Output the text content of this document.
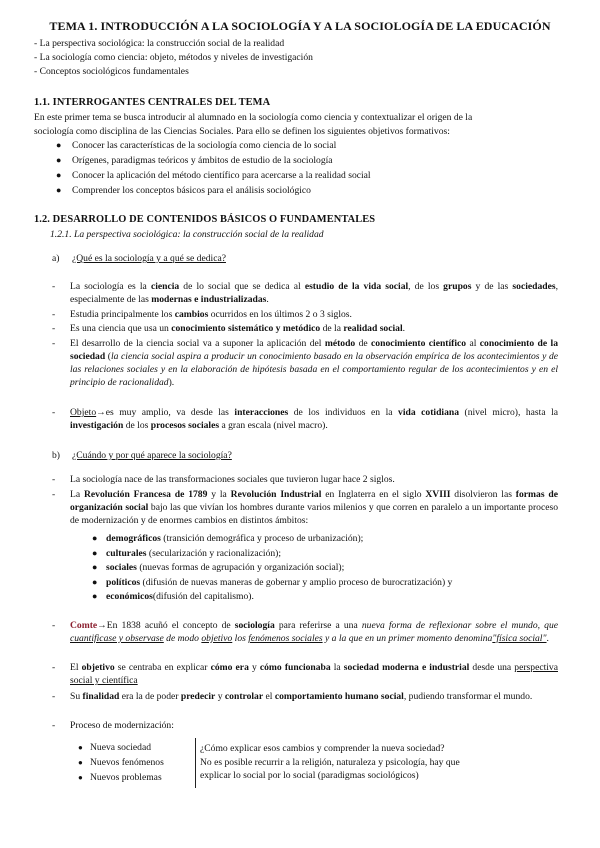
TEMA 1. INTRODUCCIÓN A LA SOCIOLOGÍA Y A LA SOCIOLOGÍA DE LA EDUCACIÓN
- La perspectiva sociológica: la construcción social de la realidad
- La sociología como ciencia: objeto, métodos y niveles de investigación
- Conceptos sociológicos fundamentales
1.1. INTERROGANTES CENTRALES DEL TEMA
En este primer tema se busca introducir al alumnado en la sociología como ciencia y contextualizar el origen de la
sociología como disciplina de las Ciencias Sociales. Para ello se definen los siguientes objetivos formativos:
● Conocer las características de la sociología como ciencia de lo social
● Orígenes, paradigmas teóricos y ámbitos de estudio de la sociología
● Conocer la aplicación del método científico para acercarse a la realidad social
● Comprender los conceptos básicos para el análisis sociológico
1.2. DESARROLLO DE CONTENIDOS BÁSICOS O FUNDAMENTALES
1.2.1. La perspectiva sociológica: la construcción social de la realidad
a) ¿Qué es la sociología y a qué se dedica?
- La sociología es la ciencia de lo social que se dedica al estudio de la vida social, de los grupos y de las sociedades, especialmente de las modernas e industrializadas.
- Estudia principalmente los cambios ocurridos en los últimos 2 o 3 siglos.
- Es una ciencia que usa un conocimiento sistemático y metódico de la realidad social.
- El desarrollo de la ciencia social va a suponer la aplicación del método de conocimiento científico al conocimiento de la sociedad (la ciencia social aspira a producir un conocimiento basado en la observación empírica de los acontecimientos y de las relaciones sociales y en la elaboración de hipótesis basada en el comportamiento regular de los acontecimientos y en el principio de racionalidad).
- Objeto→es muy amplio, va desde las interacciones de los individuos en la vida cotidiana (nivel micro), hasta la investigación de los procesos sociales a gran escala (nivel macro).
b) ¿Cuándo y por qué aparece la sociología?
- La sociología nace de las transformaciones sociales que tuvieron lugar hace 2 siglos.
- La Revolución Francesa de 1789 y la Revolución Industrial en Inglaterra en el siglo XVIII disolvieron las formas de organización social bajo las que vivían los hombres durante varios milenios y que corren en paralelo a un importante proceso de modernización y de enormes cambios en distintos ámbitos:
● demográficos (transición demográfica y proceso de urbanización);
● culturales (secularización y racionalización);
● sociales (nuevas formas de agrupación y organización social);
● políticos (difusión de nuevas maneras de gobernar y amplio proceso de burocratización) y
● económicos(difusión del capitalismo).
- Comte→En 1838 acuñó el concepto de sociología para referirse a una nueva forma de reflexionar sobre el mundo, que cuantificase y observase de modo objetivo los fenómenos sociales y a la que en un primer momento denomina"física social".
- El objetivo se centraba en explicar cómo era y cómo funcionaba la sociedad moderna e industrial desde una perspectiva social y científica
- Su finalidad era la de poder predecir y controlar el comportamiento humano social, pudiendo transformar el mundo.
- Proceso de modernización:
● Nueva sociedad
● Nuevos fenómenos
● Nuevos problemas
¿Cómo explicar esos cambios y comprender la nueva sociedad?
No es posible recurrir a la religión, naturaleza y psicología, hay que
explicar lo social por lo social (paradigmas sociológicos)
